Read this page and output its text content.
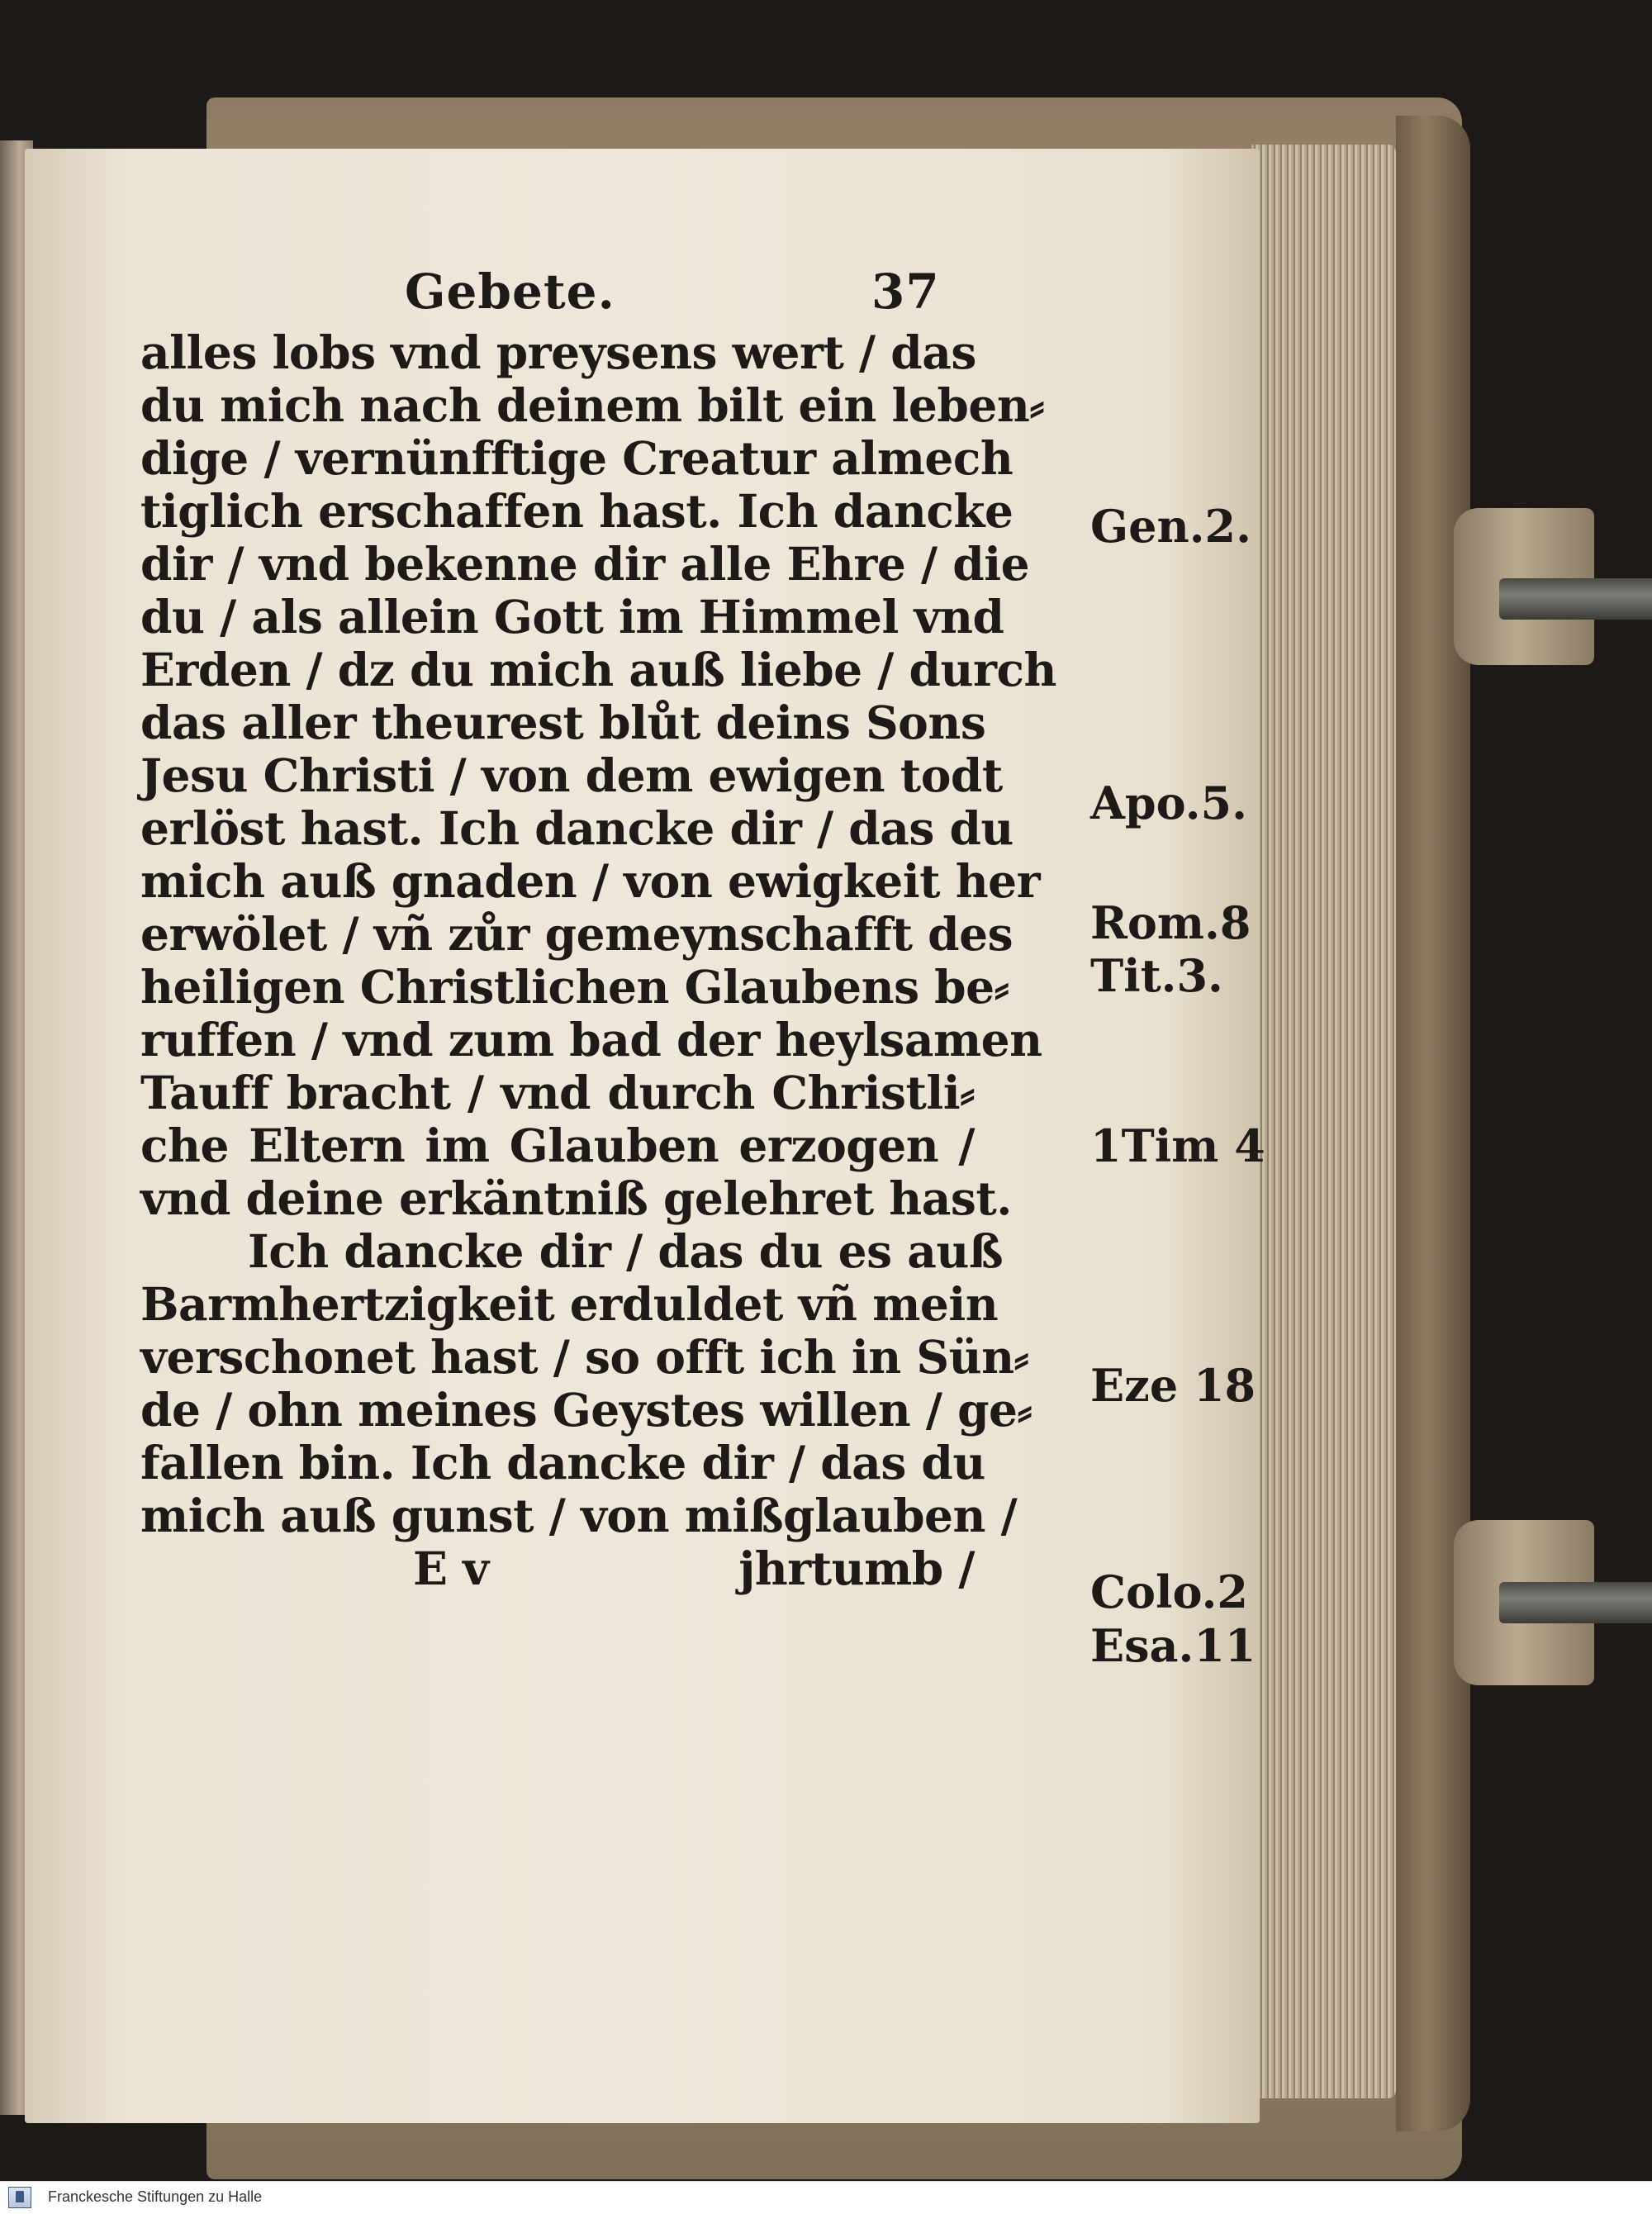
Gebete.	37
alles lobs vnd preysens wert / das
du mich nach deinem bilt ein leben⸗
dige / vernünfftige Creatur almech
tiglich erschaffen hast. Ich dancke
dir / vnd bekenne dir alle Ehre / die
du / als allein Gott im Himmel vnd
Erden / dz du mich auß liebe / durch
das aller theurest blůt deins Sons
Jesu Christi / von dem ewigen todt
erlöst hast. Ich dancke dir / das du
mich auß gnaden / von ewigkeit her
erwölet / vñ zůr gemeynschafft des
heiligen Christlichen Glaubens be⸗
ruffen / vnd zum bad der heylsamen
Tauff bracht / vnd durch Christli⸗
che Eltern im Glauben erzogen /
vnd deine erkäntniß gelehret hast.
Ich dancke dir / das du es auß
Barmhertzigkeit erduldet vñ mein
verschonet hast / so offt ich in Sün⸗
de / ohn meines Geystes willen / ge⸗
fallen bin. Ich dancke dir / das du
mich auß gunst / von mißglauben /
E v	jhrtumb /
Gen.2.
Apo.5.
Rom.8
Tit.3.
1Tim 4
Eze 18
Colo.2
Esa.11
Franckesche Stiftungen zu Halle
